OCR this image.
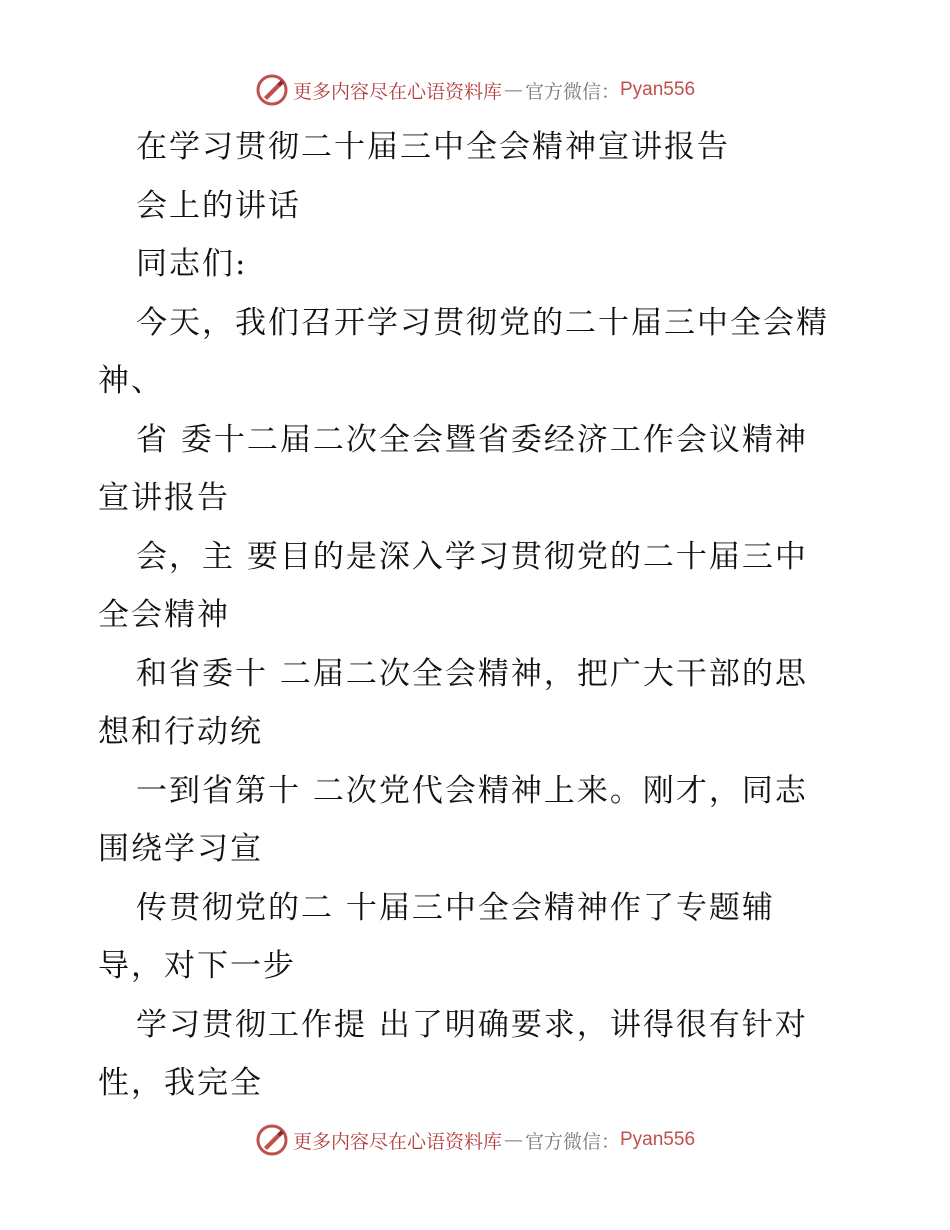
更多内容尽在心语资料库 — 官方微信： Pyan556
在学习贯彻二十届三中全会精神宣讲报告
会上的讲话
同志们:
今天，我们召开学习贯彻党的二十届三中全会精
神、
省 委十二届二次全会暨省委经济工作会议精神
宣讲报告
会，主 要目的是深入学习贯彻党的二十届三中
全会精神
和省委十 二届二次全会精神，把广大干部的思
想和行动统
一到省第十 二次党代会精神上来。刚才，同志
围绕学习宣
传贯彻党的二 十届三中全会精神作了专题辅
导，对下一步
学习贯彻工作提 出了明确要求，讲得很有针对
性，我完全
更多内容尽在心语资料库 — 官方微信： Pyan556
